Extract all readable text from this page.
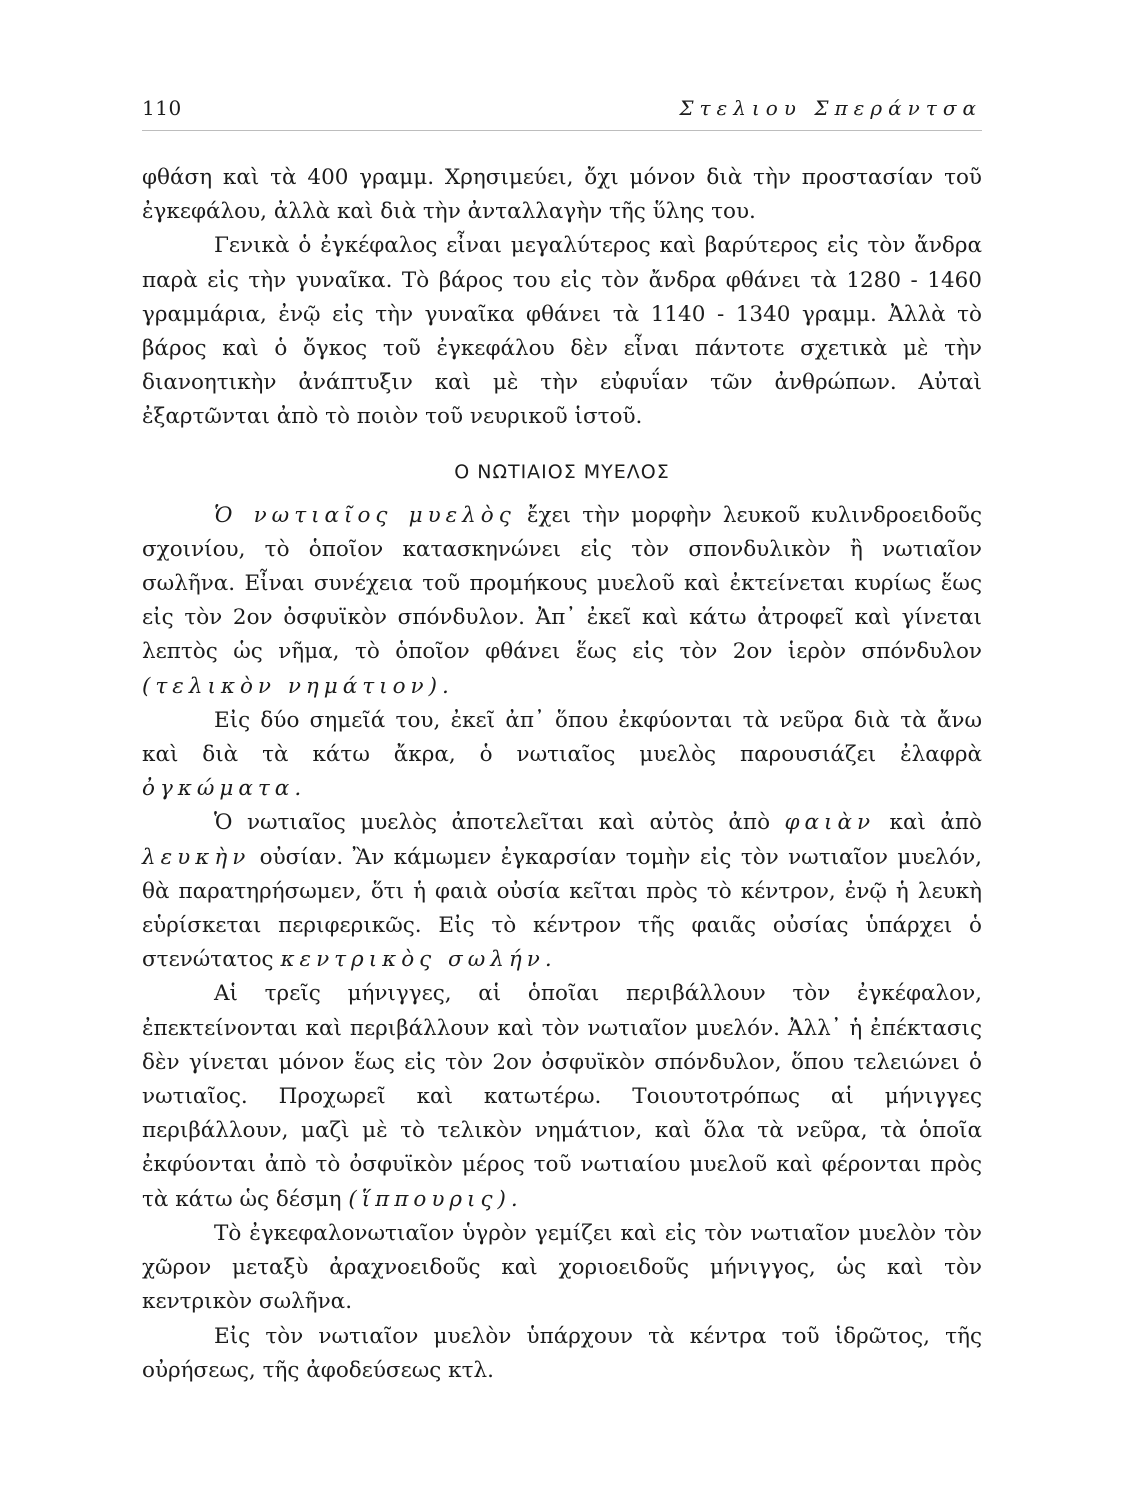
110	Στελιου Σπεράντσα

φθάση καὶ τὰ 400 γραμμ. Χρησιμεύει, ὄχι μόνον διὰ τὴν προστασίαν τοῦ ἐγκεφάλου, ἀλλὰ καὶ διὰ τὴν ἀνταλλαγὴν τῆς ὕλης του.

Γενικὰ ὁ ἐγκέφαλος εἶναι μεγαλύτερος καὶ βαρύτερος εἰς τὸν ἄνδρα παρὰ εἰς τὴν γυναῖκα. Τὸ βάρος του εἰς τὸν ἄνδρα φθάνει τὰ 1280 - 1460 γραμμάρια, ἐνῷ εἰς τὴν γυναῖκα φθάνει τὰ 1140 - 1340 γραμμ. Ἀλλὰ τὸ βάρος καὶ ὁ ὄγκος τοῦ ἐγκεφάλου δὲν εἶναι πάντοτε σχετικὰ μὲ τὴν διανοητικὴν ἀνάπτυξιν καὶ μὲ τὴν εὐφυΐαν τῶν ἀνθρώπων. Αὐταὶ ἐξαρτῶνται ἀπὸ τὸ ποιὸν τοῦ νευρικοῦ ἱστοῦ.

Ο ΝΩΤΙΑΙΟΣ ΜΥΕΛΟΣ

Ὁ νωτιαῖος μυελὸς ἔχει τὴν μορφὴν λευκοῦ κυλινδροειδοῦς σχοινίου, τὸ ὁποῖον κατασκηνώνει εἰς τὸν σπονδυλικὸν ἢ νωτιαῖον σωλῆνα. Εἶναι συνέχεια τοῦ προμήκους μυελοῦ καὶ ἐκτείνεται κυρίως ἕως εἰς τὸν 2ον ὀσφυϊκὸν σπόνδυλον. Ἀπ᾿ ἐκεῖ καὶ κάτω ἀτροφεῖ καὶ γίνεται λεπτὸς ὡς νῆμα, τὸ ὁποῖον φθάνει ἕως εἰς τὸν 2ον ἱερὸν σπόνδυλον (τελικὸν νημάτιον).

Εἰς δύο σημεῖά του, ἐκεῖ ἀπ᾿ ὅπου ἐκφύονται τὰ νεῦρα διὰ τὰ ἄνω καὶ διὰ τὰ κάτω ἄκρα, ὁ νωτιαῖος μυελὸς παρουσιάζει ἐλαφρὰ ὀγκώματα.

Ὁ νωτιαῖος μυελὸς ἀποτελεῖται καὶ αὐτὸς ἀπὸ φαιὰν καὶ ἀπὸ λευκὴν οὐσίαν. Ἂν κάμωμεν ἐγκαρσίαν τομὴν εἰς τὸν νωτιαῖον μυελόν, θὰ παρατηρήσωμεν, ὅτι ἡ φαιὰ οὐσία κεῖται πρὸς τὸ κέντρον, ἐνῷ ἡ λευκὴ εὑρίσκεται περιφερικῶς. Εἰς τὸ κέντρον τῆς φαιᾶς οὐσίας ὑπάρχει ὁ στενώτατος κεντρικὸς σωλήν.

Αἱ τρεῖς μήνιγγες, αἱ ὁποῖαι περιβάλλουν τὸν ἐγκέφαλον, ἐπεκτείνονται καὶ περιβάλλουν καὶ τὸν νωτιαῖον μυελόν. Ἀλλ᾿ ἡ ἐπέκτασις δὲν γίνεται μόνον ἕως εἰς τὸν 2ον ὀσφυϊκὸν σπόνδυλον, ὅπου τελειώνει ὁ νωτιαῖος. Προχωρεῖ καὶ κατωτέρω. Τοιουτοτρόπως αἱ μήνιγγες περιβάλλουν, μαζὶ μὲ τὸ τελικὸν νημάτιον, καὶ ὅλα τὰ νεῦρα, τὰ ὁποῖα ἐκφύονται ἀπὸ τὸ ὀσφυϊκὸν μέρος τοῦ νωτιαίου μυελοῦ καὶ φέρονται πρὸς τὰ κάτω ὡς δέσμη (ἵππουρις).

Τὸ ἐγκεφαλονωτιαῖον ὑγρὸν γεμίζει καὶ εἰς τὸν νωτιαῖον μυελὸν τὸν χῶρον μεταξὺ ἀραχνοειδοῦς καὶ χοριοειδοῦς μήνιγγος, ὡς καὶ τὸν κεντρικὸν σωλῆνα.

Εἰς τὸν νωτιαῖον μυελὸν ὑπάρχουν τὰ κέντρα τοῦ ἱδρῶτος, τῆς οὐρήσεως, τῆς ἀφοδεύσεως κτλ.
